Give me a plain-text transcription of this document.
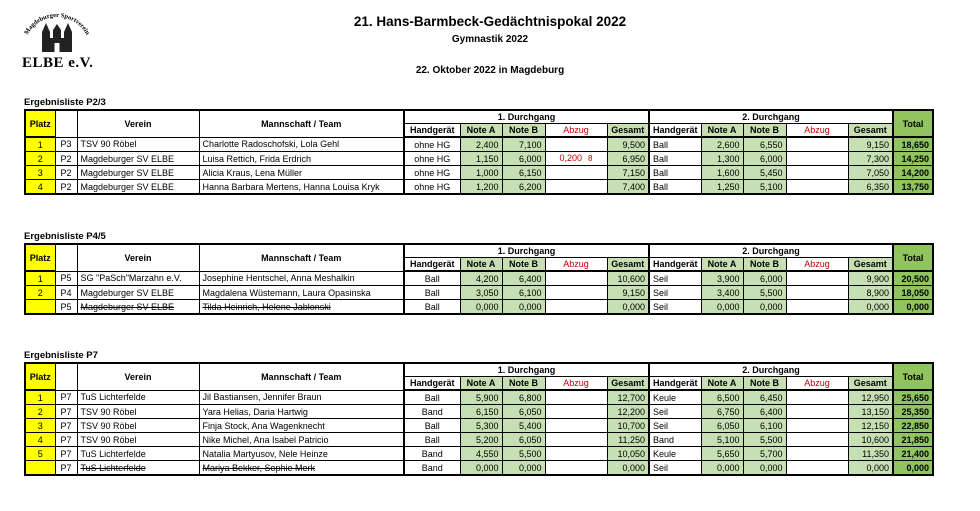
Magdeburger Sportverein
ELBE e.V.
21. Hans-Barmbeck-Gedächtnispokal 2022
Gymnastik 2022
22. Oktober 2022 in Magdeburg
Ergebnisliste P2/3
Platz		Verein	Mannschaft / Team	1. Durchgang					2. Durchgang					Total
				Handgerät	Note A	Note B	Abzug	Gesamt	Handgerät	Note A	Note B	Abzug	Gesamt	
1	P3	TSV 90 Röbel	Charlotte Radoschofski, Lola Gehl	ohne HG	2,400	7,100		9,500	Ball	2,600	6,550		9,150	18,650
2	P2	Magdeburger SV ELBE	Luisa Rettich, Frida Erdrich	ohne HG	1,150	6,000	0,200 8	6,950	Ball	1,300	6,000		7,300	14,250
3	P2	Magdeburger SV ELBE	Alicia Kraus, Lena Müller	ohne HG	1,000	6,150		7,150	Ball	1,600	5,450		7,050	14,200
4	P2	Magdeburger SV ELBE	Hanna Barbara Mertens, Hanna Louisa Kryk	ohne HG	1,200	6,200		7,400	Ball	1,250	5,100		6,350	13,750
Ergebnisliste P4/5
Platz		Verein	Mannschaft / Team	1. Durchgang					2. Durchgang					Total
				Handgerät	Note A	Note B	Abzug	Gesamt	Handgerät	Note A	Note B	Abzug	Gesamt	
1	P5	SG "PaSch"Marzahn e.V.	Josephine Hentschel, Anna Meshalkin	Ball	4,200	6,400		10,600	Seil	3,900	6,000		9,900	20,500
2	P4	Magdeburger SV ELBE	Magdalena Wüstemann, Laura Opasinska	Ball	3,050	6,100		9,150	Seil	3,400	5,500		8,900	18,050
	P5	Magdeburger SV ELBE	Tilda Heinrich, Helene Jablonski	Ball	0,000	0,000		0,000	Seil	0,000	0,000		0,000	0,000
Ergebnisliste P7
Platz		Verein	Mannschaft / Team	1. Durchgang					2. Durchgang					Total
				Handgerät	Note A	Note B	Abzug	Gesamt	Handgerät	Note A	Note B	Abzug	Gesamt	
1	P7	TuS Lichterfelde	Jil Bastiansen, Jennifer Braun	Ball	5,900	6,800		12,700	Keule	6,500	6,450		12,950	25,650
2	P7	TSV 90 Röbel	Yara Helias, Daria Hartwig	Band	6,150	6,050		12,200	Seil	6,750	6,400		13,150	25,350
3	P7	TSV 90 Röbel	Finja Stock, Ana Wagenknecht	Ball	5,300	5,400		10,700	Seil	6,050	6,100		12,150	22,850
4	P7	TSV 90 Röbel	Nike Michel, Ana Isabel Patricio	Ball	5,200	6,050		11,250	Band	5,100	5,500		10,600	21,850
5	P7	TuS Lichterfelde	Natalia Martyusov, Nele Heinze	Band	4,550	5,500		10,050	Keule	5,650	5,700		11,350	21,400
	P7	TuS Lichterfelde	Mariya Bekker, Sophie Merk	Band	0,000	0,000		0,000	Seil	0,000	0,000		0,000	0,000
